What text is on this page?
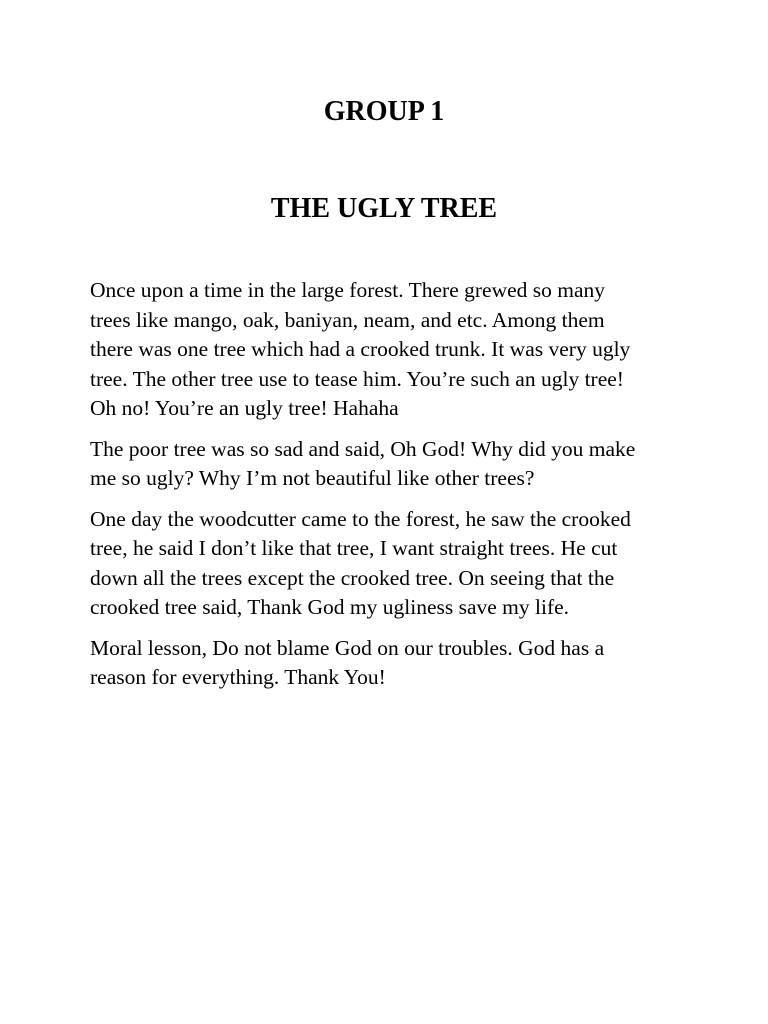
GROUP 1
THE UGLY TREE

Once upon a time in the large forest. There grewed so many
trees like mango, oak, baniyan, neam, and etc. Among them
there was one tree which had a crooked trunk. It was very ugly
tree. The other tree use to tease him. You’re such an ugly tree!
Oh no! You’re an ugly tree! Hahaha

The poor tree was so sad and said, Oh God! Why did you make
me so ugly? Why I’m not beautiful like other trees?

One day the woodcutter came to the forest, he saw the crooked
tree, he said I don’t like that tree, I want straight trees. He cut
down all the trees except the crooked tree. On seeing that the
crooked tree said, Thank God my ugliness save my life.

Moral lesson, Do not blame God on our troubles. God has a
reason for everything. Thank You!
